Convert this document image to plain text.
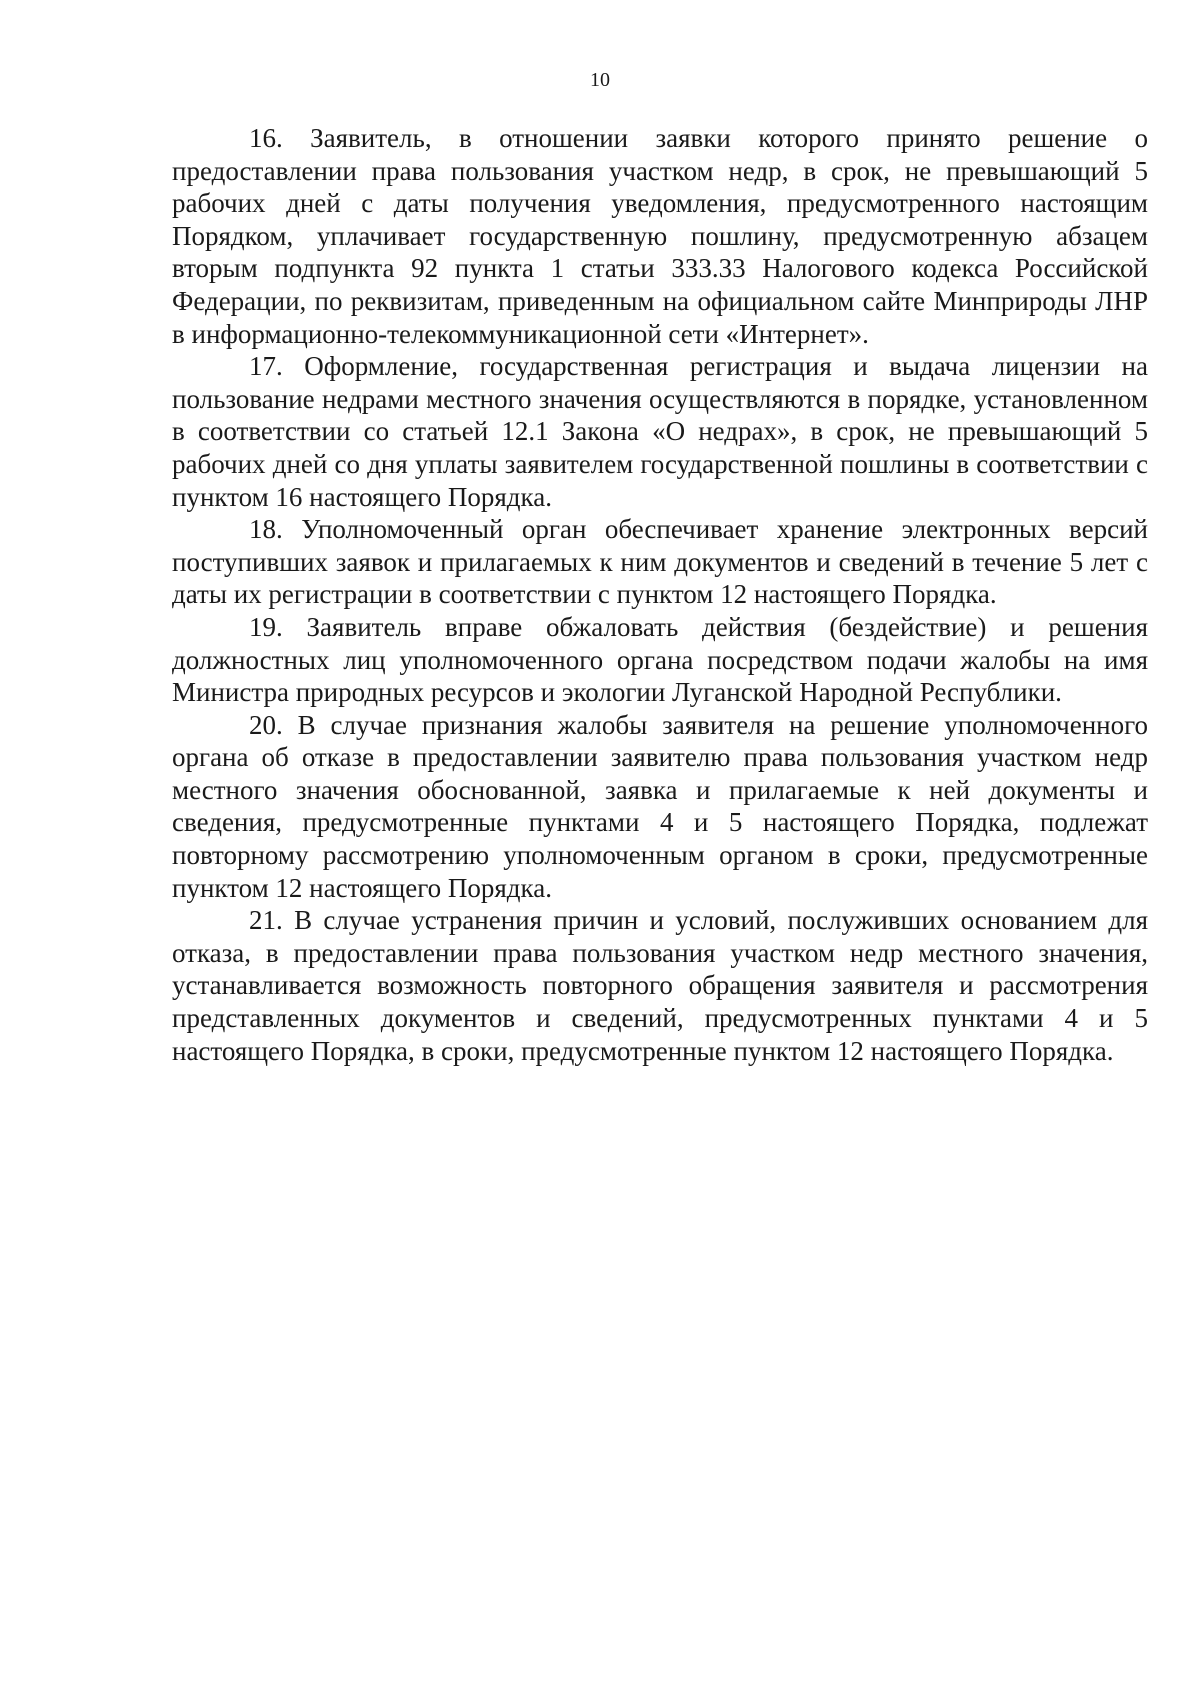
10

16. Заявитель, в отношении заявки которого принято решение о предоставлении права пользования участком недр, в срок, не превышающий 5 рабочих дней с даты получения уведомления, предусмотренного настоящим Порядком, уплачивает государственную пошлину, предусмотренную абзацем вторым подпункта 92 пункта 1 статьи 333.33 Налогового кодекса Российской Федерации, по реквизитам, приведенным на официальном сайте Минприроды ЛНР в информационно-телекоммуникационной сети «Интернет».

17. Оформление, государственная регистрация и выдача лицензии на пользование недрами местного значения осуществляются в порядке, установленном в соответствии со статьей 12.1 Закона «О недрах», в срок, не превышающий 5 рабочих дней со дня уплаты заявителем государственной пошлины в соответствии с пунктом 16 настоящего Порядка.

18. Уполномоченный орган обеспечивает хранение электронных версий поступивших заявок и прилагаемых к ним документов и сведений в течение 5 лет с даты их регистрации в соответствии с пунктом 12 настоящего Порядка.

19. Заявитель вправе обжаловать действия (бездействие) и решения должностных лиц уполномоченного органа посредством подачи жалобы на имя Министра природных ресурсов и экологии Луганской Народной Республики.

20. В случае признания жалобы заявителя на решение уполномоченного органа об отказе в предоставлении заявителю права пользования участком недр местного значения обоснованной, заявка и прилагаемые к ней документы и сведения, предусмотренные пунктами 4 и 5 настоящего Порядка, подлежат повторному рассмотрению уполномоченным органом в сроки, предусмотренные пунктом 12 настоящего Порядка.

21. В случае устранения причин и условий, послуживших основанием для отказа, в предоставлении права пользования участком недр местного значения, устанавливается возможность повторного обращения заявителя и рассмотрения представленных документов и сведений, предусмотренных пунктами 4 и 5 настоящего Порядка, в сроки, предусмотренные пунктом 12 настоящего Порядка.
